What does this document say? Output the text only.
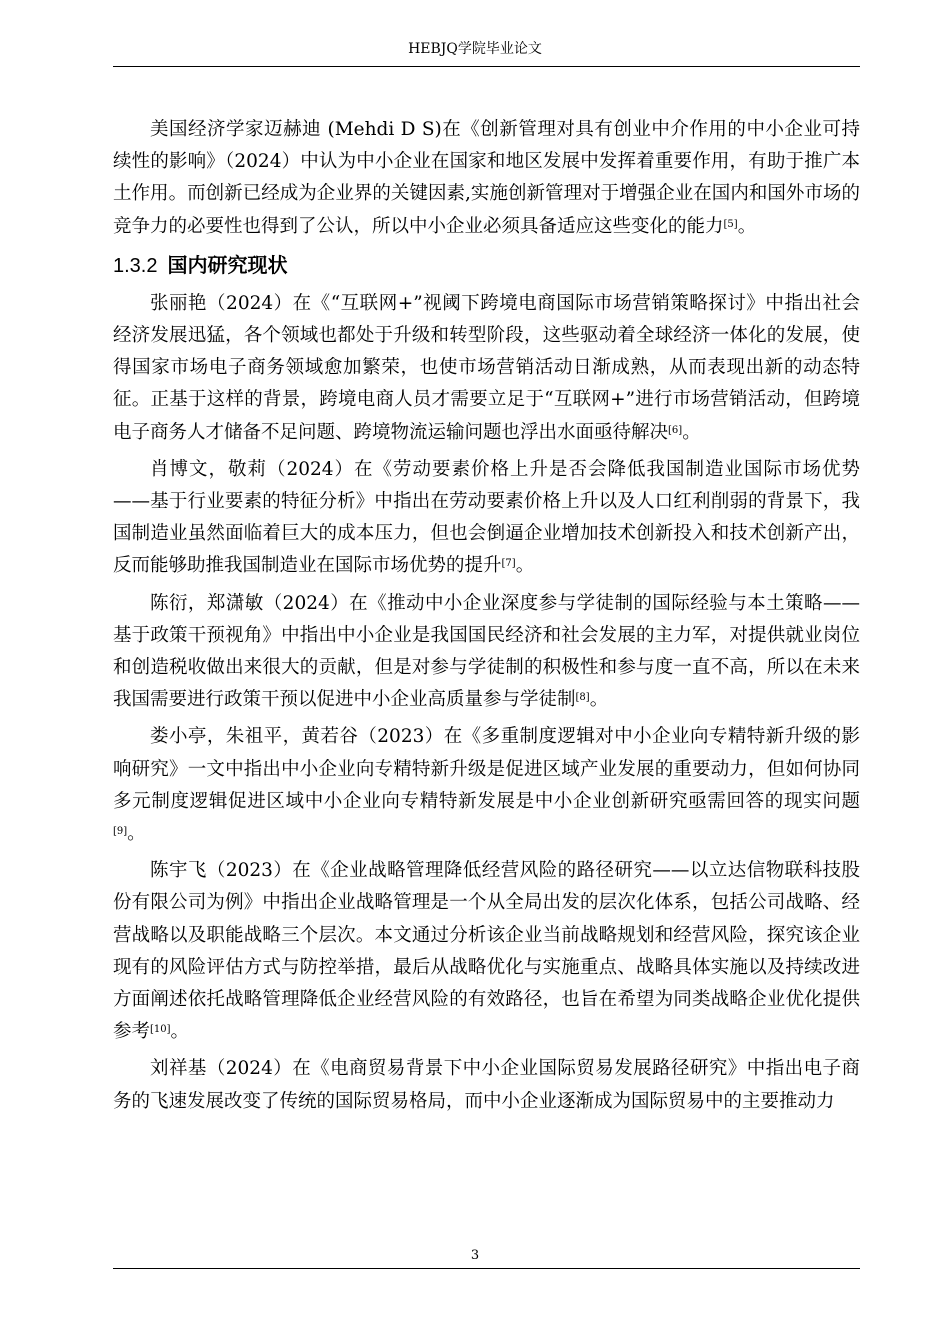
HEBJQ学院毕业论文

美国经济学家迈赫迪 (Mehdi D S)在《创新管理对具有创业中介作用的中小企业可持续性的影响》（2024）中认为中小企业在国家和地区发展中发挥着重要作用，有助于推广本土作用。而创新已经成为企业界的关键因素,实施创新管理对于增强企业在国内和国外市场的竞争力的必要性也得到了公认，所以中小企业必须具备适应这些变化的能力[5]。

1.3.2 国内研究现状

张丽艳（2024）在《“互联网+”视阈下跨境电商国际市场营销策略探讨》中指出社会经济发展迅猛，各个领域也都处于升级和转型阶段，这些驱动着全球经济一体化的发展，使得国家市场电子商务领域愈加繁荣，也使市场营销活动日渐成熟，从而表现出新的动态特征。正基于这样的背景，跨境电商人员才需要立足于“互联网+”进行市场营销活动，但跨境电子商务人才储备不足问题、跨境物流运输问题也浮出水面亟待解决[6]。

肖博文，敬莉（2024）在《劳动要素价格上升是否会降低我国制造业国际市场优势——基于行业要素的特征分析》中指出在劳动要素价格上升以及人口红利削弱的背景下，我国制造业虽然面临着巨大的成本压力，但也会倒逼企业增加技术创新投入和技术创新产出，反而能够助推我国制造业在国际市场优势的提升[7]。

陈衍，郑潇敏（2024）在《推动中小企业深度参与学徒制的国际经验与本土策略——基于政策干预视角》中指出中小企业是我国国民经济和社会发展的主力军，对提供就业岗位和创造税收做出来很大的贡献，但是对参与学徒制的积极性和参与度一直不高，所以在未来我国需要进行政策干预以促进中小企业高质量参与学徒制[8]。

娄小亭，朱祖平，黄若谷（2023）在《多重制度逻辑对中小企业向专精特新升级的影响研究》一文中指出中小企业向专精特新升级是促进区域产业发展的重要动力，但如何协同多元制度逻辑促进区域中小企业向专精特新发展是中小企业创新研究亟需回答的现实问题[9]。

陈宇飞（2023）在《企业战略管理降低经营风险的路径研究——以立达信物联科技股份有限公司为例》中指出企业战略管理是一个从全局出发的层次化体系，包括公司战略、经营战略以及职能战略三个层次。本文通过分析该企业当前战略规划和经营风险，探究该企业现有的风险评估方式与防控举措，最后从战略优化与实施重点、战略具体实施以及持续改进方面阐述依托战略管理降低企业经营风险的有效路径，也旨在希望为同类战略企业优化提供参考[10]。

刘祥基（2024）在《电商贸易背景下中小企业国际贸易发展路径研究》中指出电子商务的飞速发展改变了传统的国际贸易格局，而中小企业逐渐成为国际贸易中的主要推动力

3
